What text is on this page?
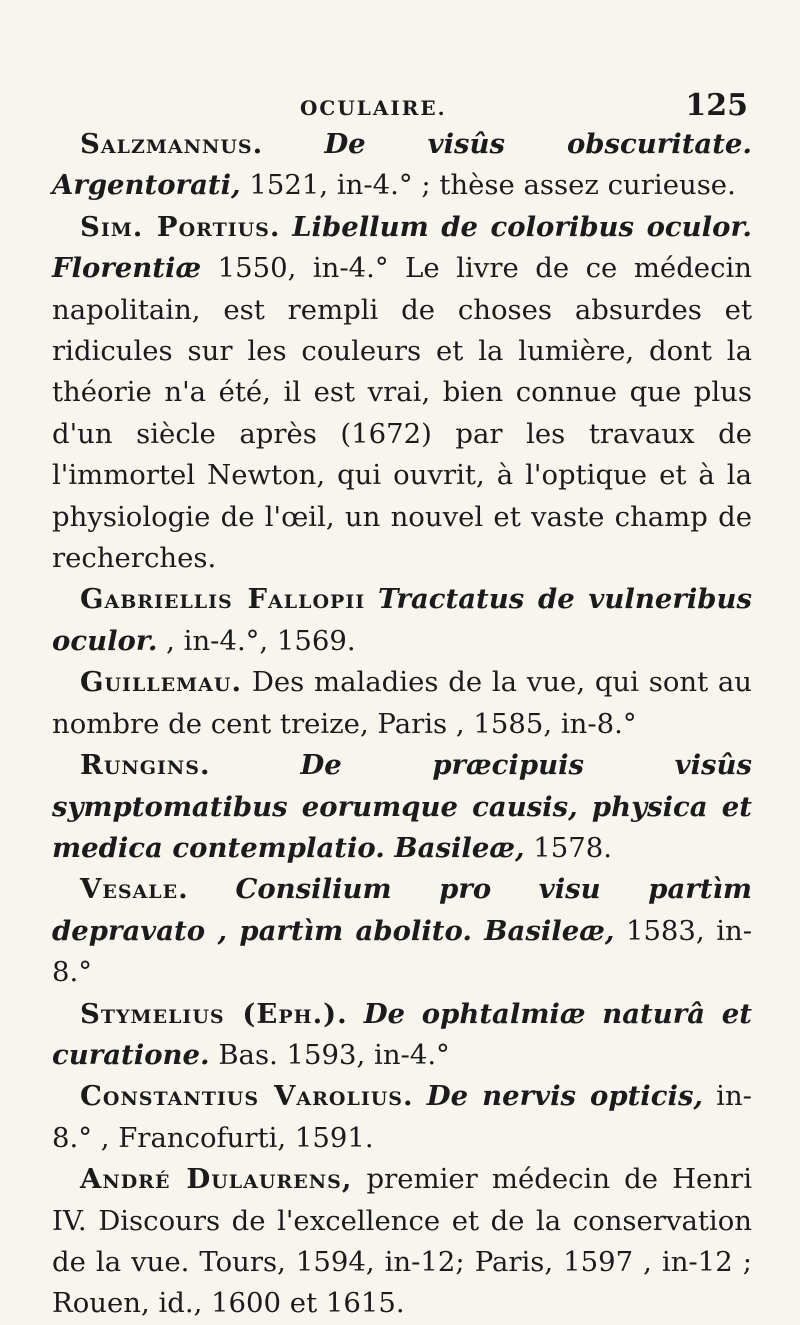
OCULAIRE.	125

Salzmannus. De visûs obscuritate. Argentorati, 1521, in-4.° ; thèse assez curieuse.

Sim. Portius. Libellum de coloribus oculor. Florentiæ 1550, in-4.° Le livre de ce médecin napolitain, est rempli de choses absurdes et ridicules sur les couleurs et la lumière, dont la théorie n'a été, il est vrai, bien connue que plus d'un siècle après (1672) par les travaux de l'immortel Newton, qui ouvrit, à l'optique et à la physiologie de l'œil, un nouvel et vaste champ de recherches.

Gabriellis Fallopii Tractatus de vulneribus oculor. , in-4.°, 1569.

Guillemau. Des maladies de la vue, qui sont au nombre de cent treize, Paris , 1585, in-8.°

Rungins.	De præcipuis visûs symptomatibus eorumque causis, physica et medica contemplatio. Basileæ, 1578.

Vesale. Consilium pro visu partìm depravato , partìm abolito. Basileæ, 1583, in-8.°

Stymelius (Eph.). De ophtalmiæ naturâ et curatione. Bas. 1593, in-4.°

Constantius Varolius. De nervis opticis, in-8.° , Francofurti, 1591.

André Dulaurens, premier médecin de Henri IV. Discours de l'excellence et de la conservation de la vue. Tours, 1594, in-12; Paris, 1597 , in-12 ; Rouen, id., 1600 et 1615.
